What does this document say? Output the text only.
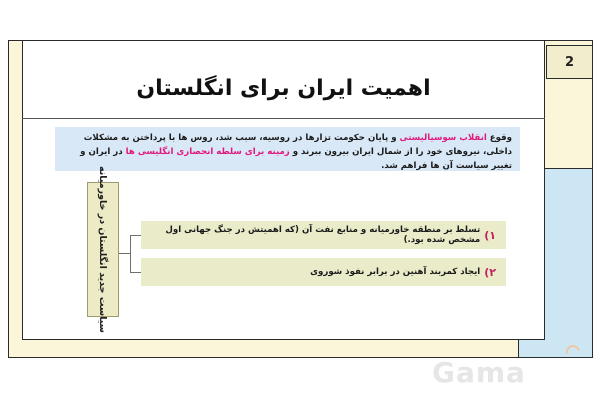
2
اهمیت ایران برای انگلستان
وقوع انقلاب سوسیالیستی و پایان حکومت تزارها در روسیه، سبب شد، روس ها با پرداختن به مشکلات داخلی، نیروهای خود را از شمال ایران بیرون ببرند و زمینه برای سلطه انحصاری انگلیسی ها در ایران و تغییر سیاست آن ها فراهم شد.
سیاست جدید انگلستان در خاورمیانه	۱)
تسلط بر منطقه خاورمیانه و منابع نفت آن (که اهمیتش در جنگ جهانی اول مشخص شده بود.)
۲)
ایجاد کمربند آهنین در برابر نفوذ شوروی
Gama
